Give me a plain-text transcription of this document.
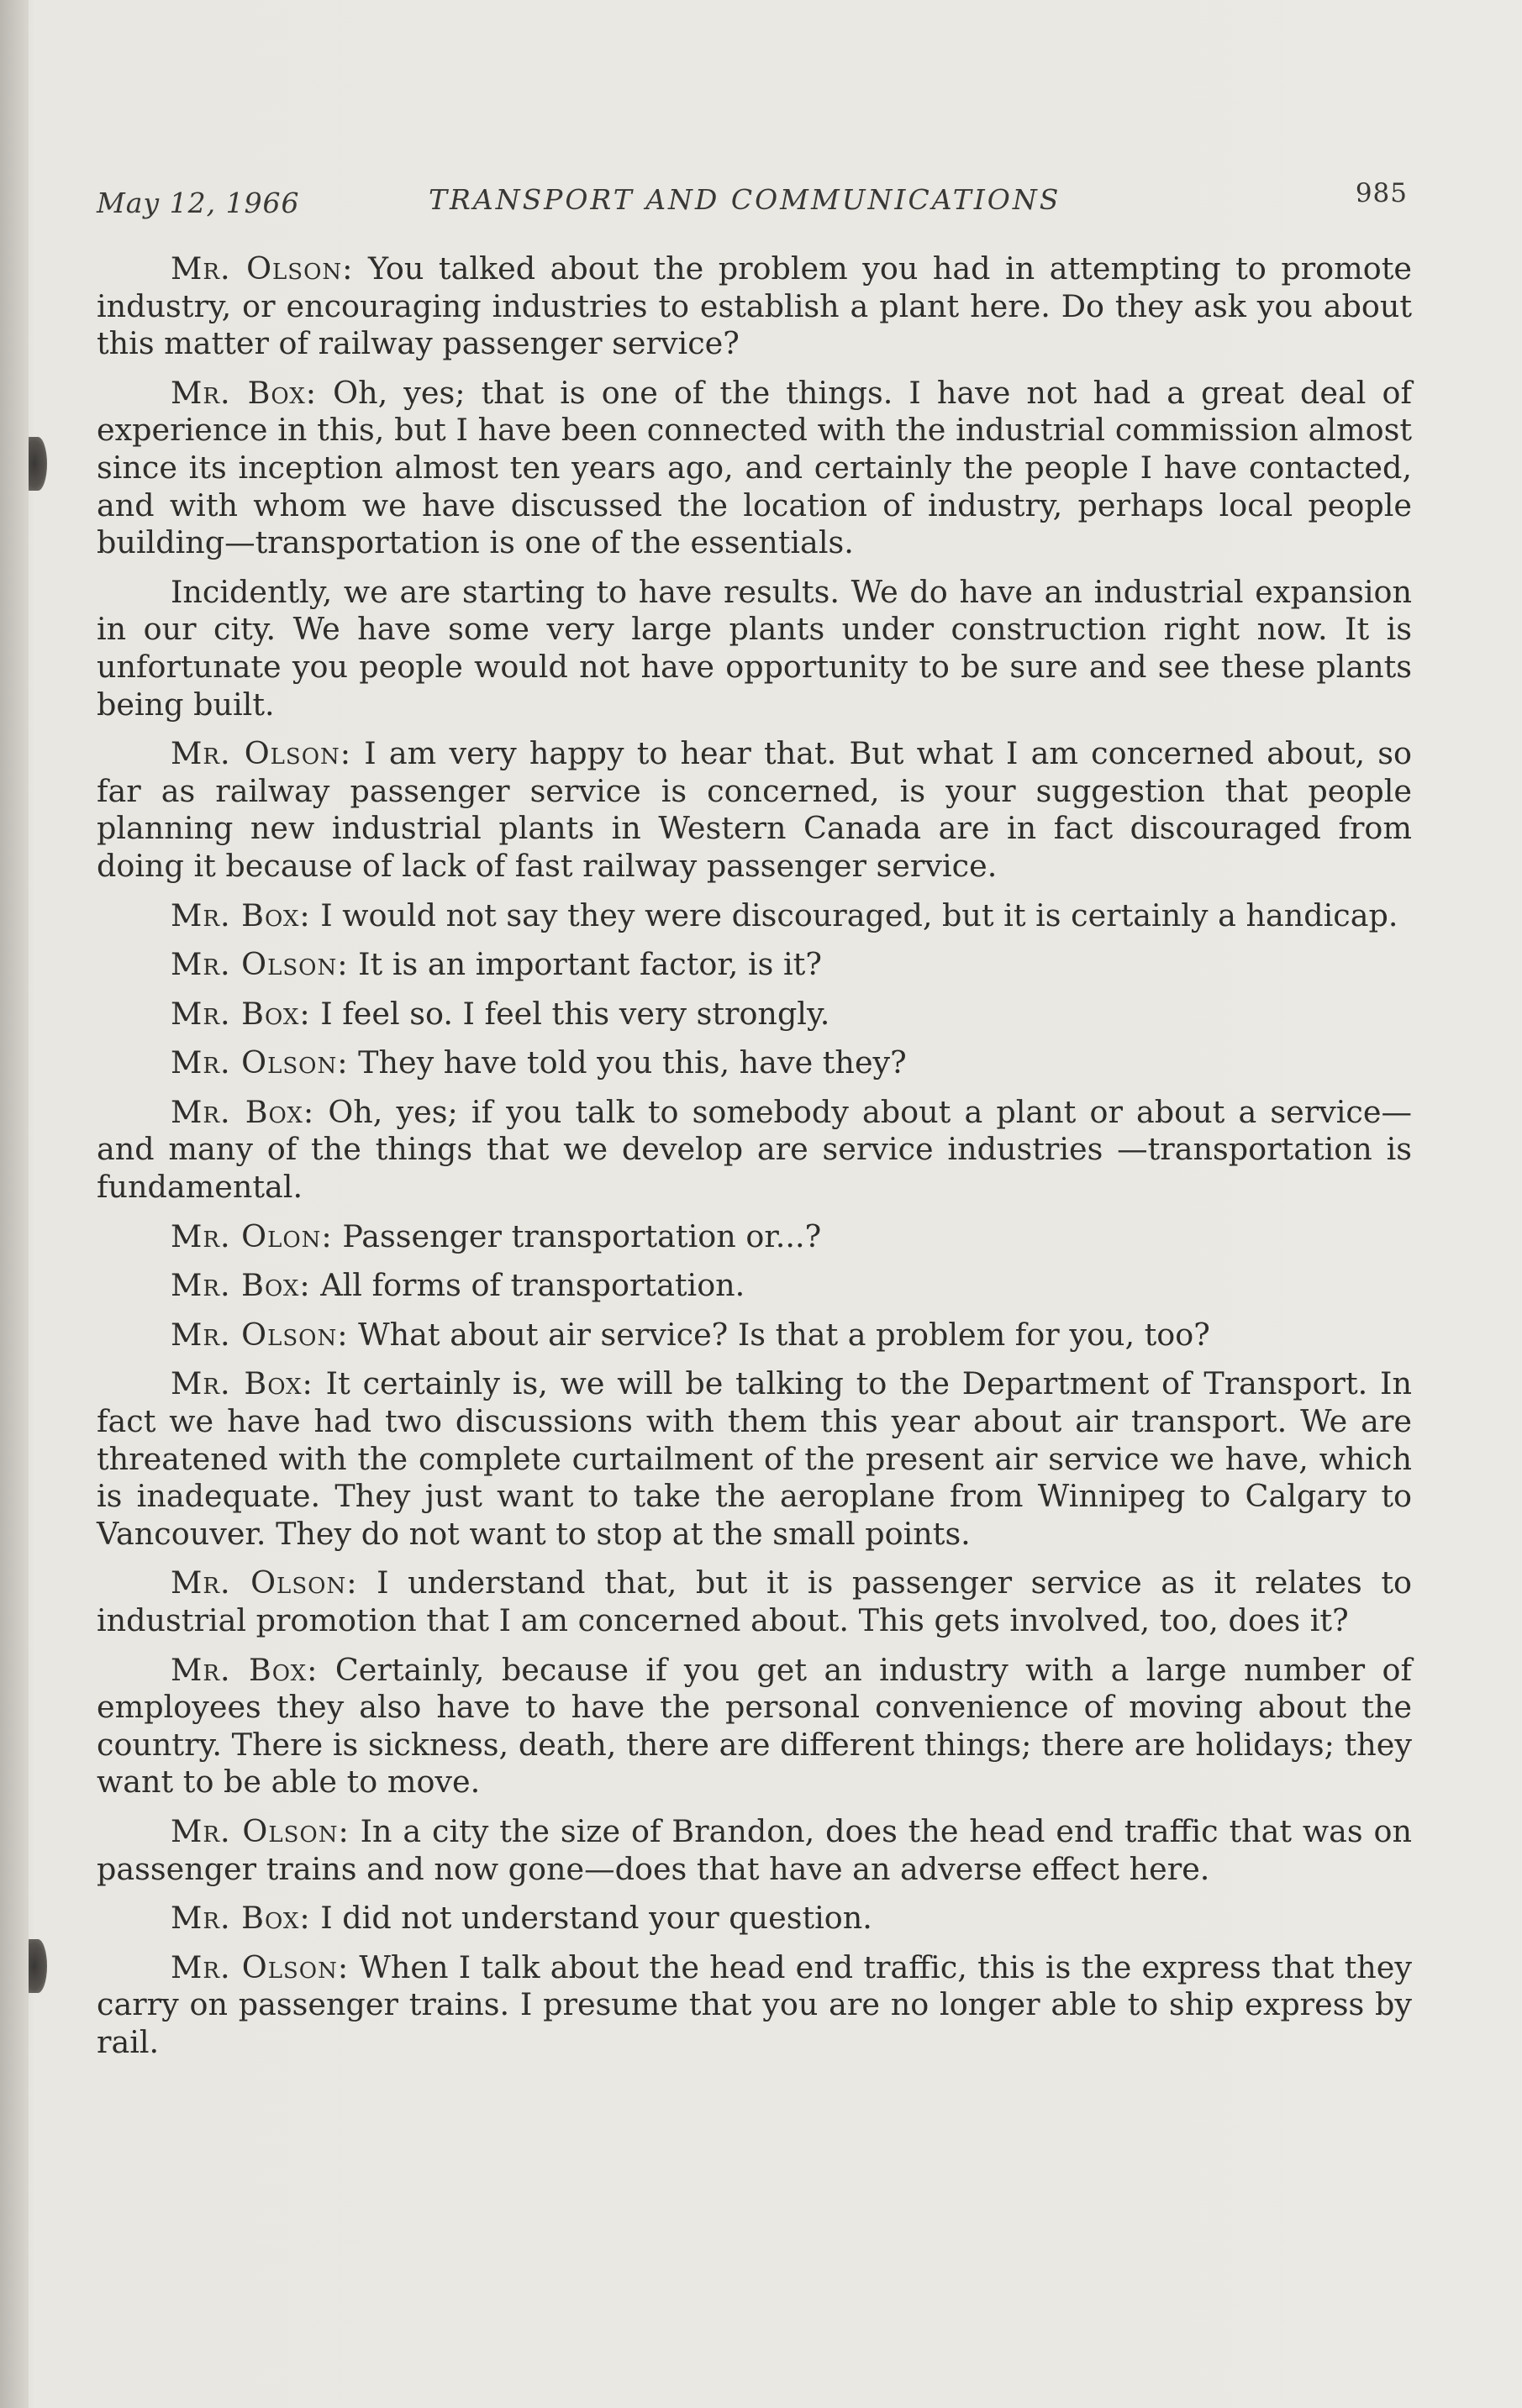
May 12, 1966	TRANSPORT AND COMMUNICATIONS	985

Mr. Olson: You talked about the problem you had in attempting to promote industry, or encouraging industries to establish a plant here. Do they ask you about this matter of railway passenger service?

Mr. Box: Oh, yes; that is one of the things. I have not had a great deal of experience in this, but I have been connected with the industrial commission almost since its inception almost ten years ago, and certainly the people I have contacted, and with whom we have discussed the location of industry, perhaps local people building—transportation is one of the essentials.

Incidently, we are starting to have results. We do have an industrial expansion in our city. We have some very large plants under construction right now. It is unfortunate you people would not have opportunity to be sure and see these plants being built.

Mr. Olson: I am very happy to hear that. But what I am concerned about, so far as railway passenger service is concerned, is your suggestion that people planning new industrial plants in Western Canada are in fact discouraged from doing it because of lack of fast railway passenger service.

Mr. Box: I would not say they were discouraged, but it is certainly a handicap.

Mr. Olson: It is an important factor, is it?

Mr. Box: I feel so. I feel this very strongly.

Mr. Olson: They have told you this, have they?

Mr. Box: Oh, yes; if you talk to somebody about a plant or about a service—and many of the things that we develop are service industries —transportation is fundamental.

Mr. Olon: Passenger transportation or...?

Mr. Box: All forms of transportation.

Mr. Olson: What about air service? Is that a problem for you, too?

Mr. Box: It certainly is, we will be talking to the Department of Transport. In fact we have had two discussions with them this year about air transport. We are threatened with the complete curtailment of the present air service we have, which is inadequate. They just want to take the aeroplane from Winnipeg to Calgary to Vancouver. They do not want to stop at the small points.

Mr. Olson: I understand that, but it is passenger service as it relates to industrial promotion that I am concerned about. This gets involved, too, does it?

Mr. Box: Certainly, because if you get an industry with a large number of employees they also have to have the personal convenience of moving about the country. There is sickness, death, there are different things; there are holidays; they want to be able to move.

Mr. Olson: In a city the size of Brandon, does the head end traffic that was on passenger trains and now gone—does that have an adverse effect here.

Mr. Box: I did not understand your question.

Mr. Olson: When I talk about the head end traffic, this is the express that they carry on passenger trains. I presume that you are no longer able to ship express by rail.
